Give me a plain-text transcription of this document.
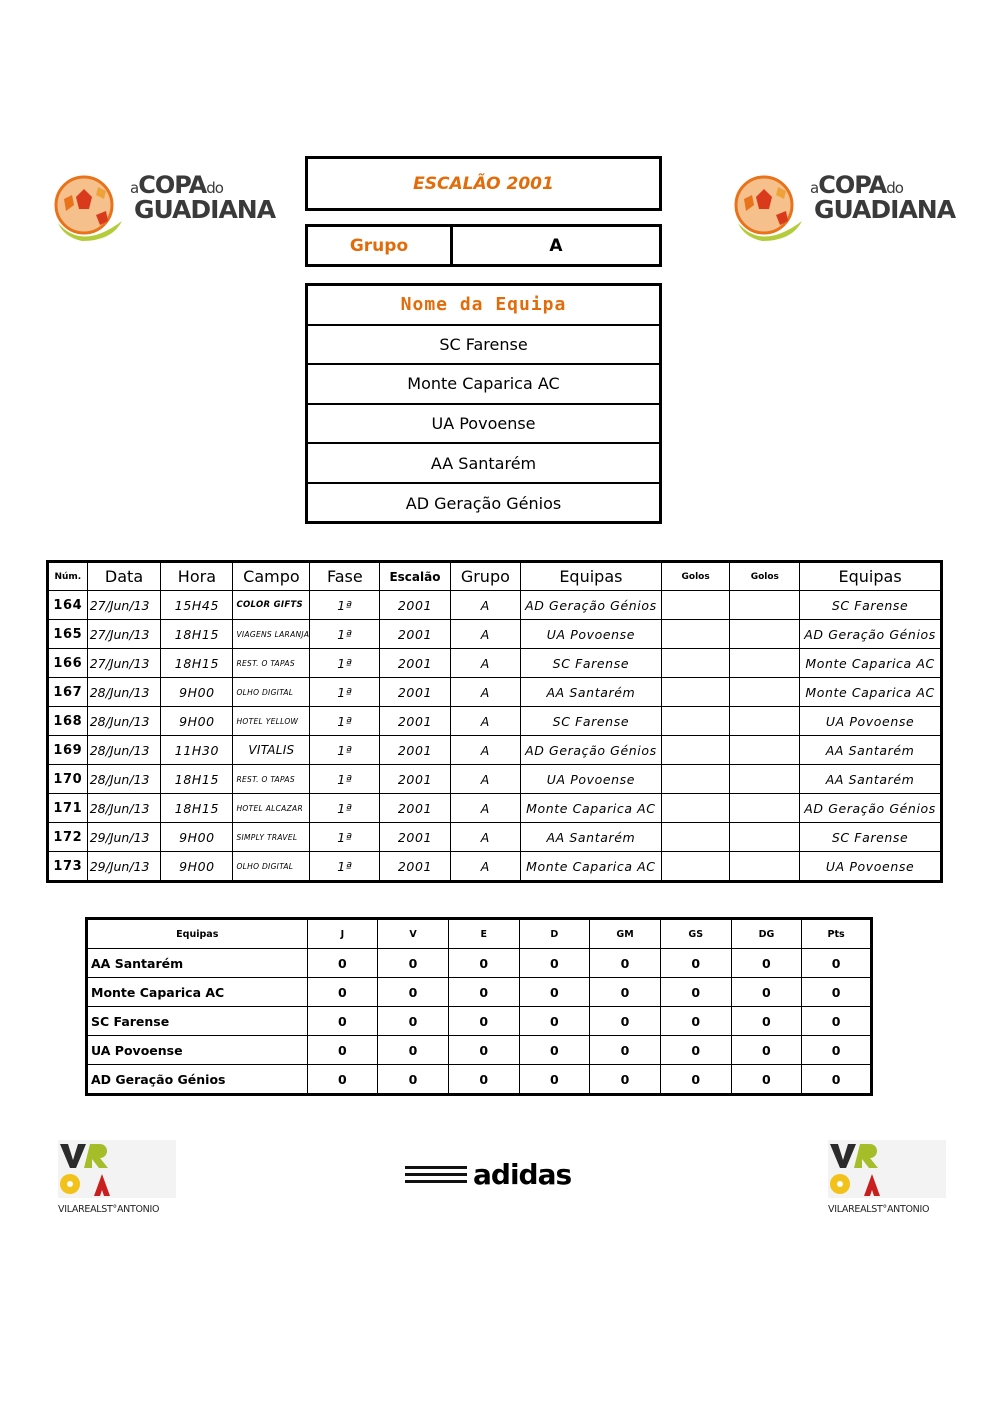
aCOPAdo
GUADIANA
aCOPAdo
GUADIANA
ESCALÃO 2001
Grupo	A
Nome da Equipa
SC Farense
Monte Caparica AC
UA Povoense
AA Santarém
AD Geração Génios
Núm.	Data	Hora	Campo	Fase	Escalão	Grupo	Equipas	Golos	Golos	Equipas
164	27/Jun/13	15H45	COLOR GIFTS	1ª	2001	A	AD Geração Génios			SC Farense
165	27/Jun/13	18H15	VIAGENS LARANJA	1ª	2001	A	UA Povoense			AD Geração Génios
166	27/Jun/13	18H15	REST. O TAPAS	1ª	2001	A	SC Farense			Monte Caparica AC
167	28/Jun/13	9H00	OLHO DIGITAL	1ª	2001	A	AA Santarém			Monte Caparica AC
168	28/Jun/13	9H00	HOTEL YELLOW	1ª	2001	A	SC Farense			UA Povoense
169	28/Jun/13	11H30	VITALIS	1ª	2001	A	AD Geração Génios			AA Santarém
170	28/Jun/13	18H15	REST. O TAPAS	1ª	2001	A	UA Povoense			AA Santarém
171	28/Jun/13	18H15	HOTEL ALCAZAR	1ª	2001	A	Monte Caparica AC			AD Geração Génios
172	29/Jun/13	9H00	SIMPLY TRAVEL	1ª	2001	A	AA Santarém			SC Farense
173	29/Jun/13	9H00	OLHO DIGITAL	1ª	2001	A	Monte Caparica AC			UA Povoense
Equipas	J	V	E	D	GM	GS	DG	Pts
AA Santarém	0	0	0	0	0	0	0	0
Monte Caparica AC	0	0	0	0	0	0	0	0
SC Farense	0	0	0	0	0	0	0	0
UA Povoense	0	0	0	0	0	0	0	0
AD Geração Génios	0	0	0	0	0	0	0	0
VILAREALST°ANTONIO
adidas
VILAREALST°ANTONIO
